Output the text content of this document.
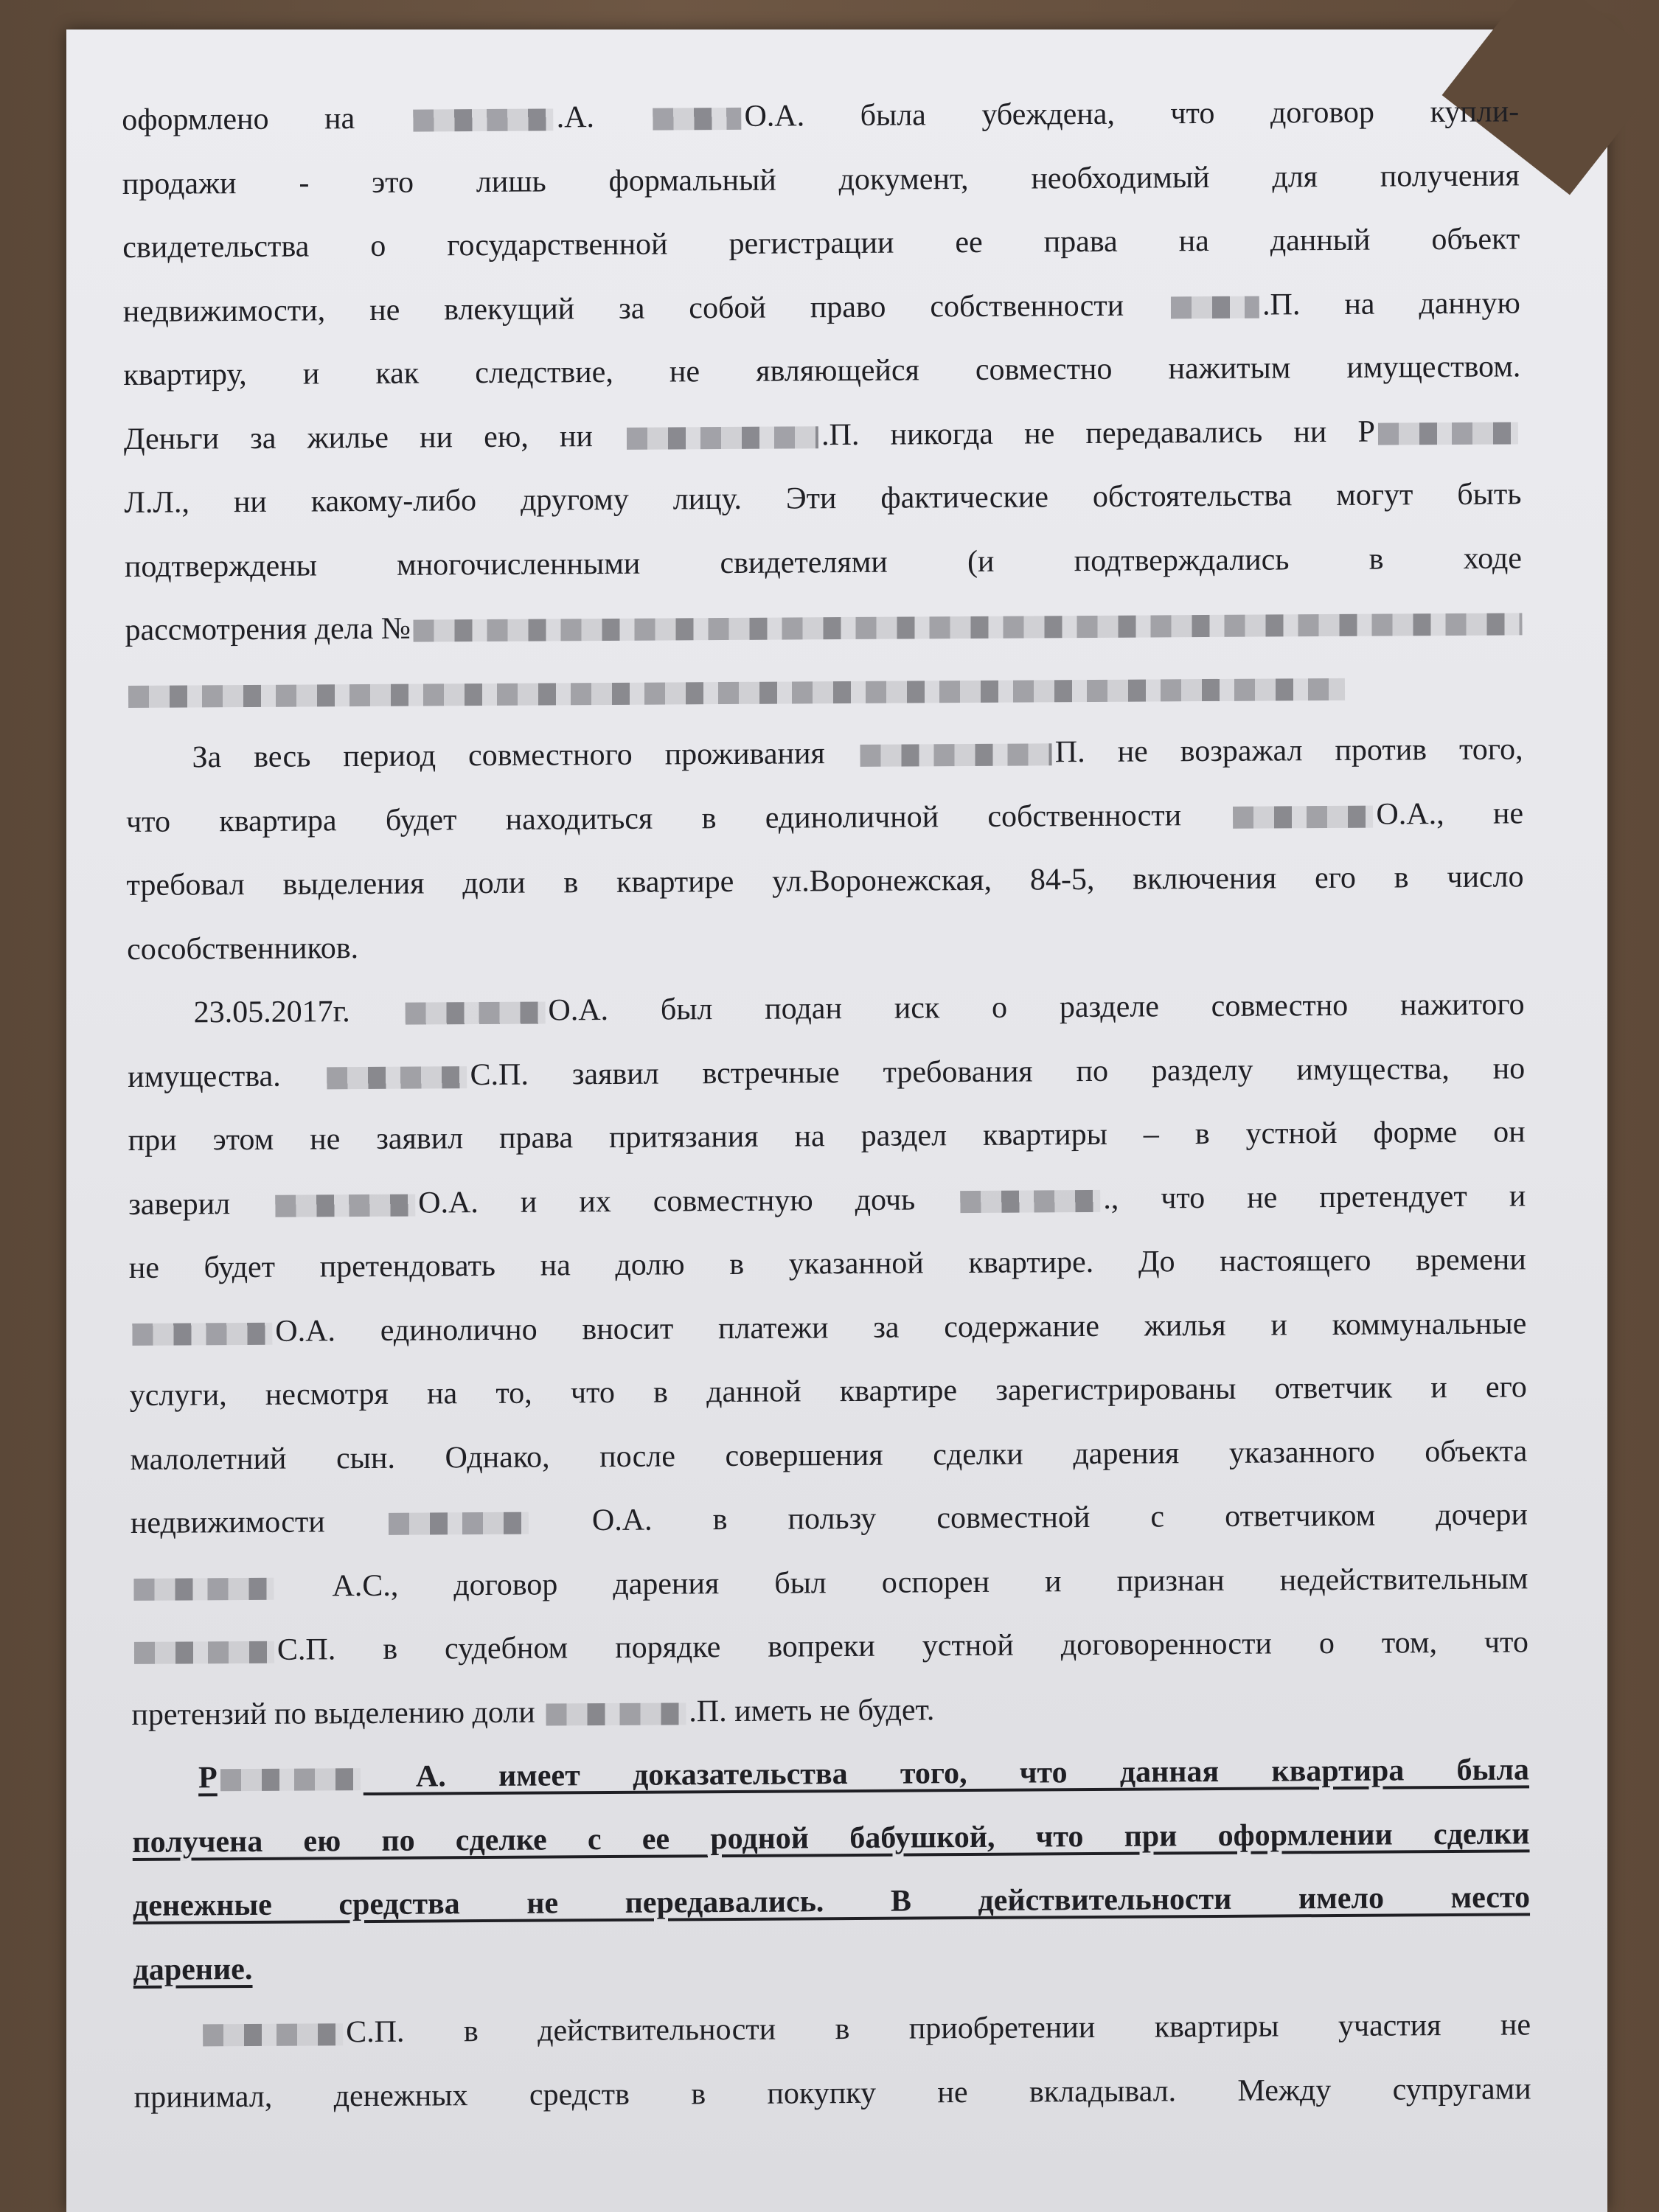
оформлено на	.А.	О.А. была убеждена, что договор купли-
продажи - это лишь формальный документ, необходимый для получения
свидетельства о государственной регистрации ее права на данный объект
недвижимости, не влекущий за собой право собственности	.П. на данную
квартиру, и как следствие, не являющейся совместно нажитым имуществом.
Деньги за жилье ни ею, ни	.П. никогда не передавались ни Р
Л.Л., ни какому-либо другому лицу. Эти фактические обстоятельства могут быть
подтверждены многочисленными свидетелями (и подтверждались в ходе
рассмотрения дела №
За весь период совместного проживания	П. не возражал против того,
что квартира будет находиться в единоличной собственности	О.А., не
требовал выделения доли в квартире ул.Воронежская, 84-5, включения его в число
сособственников.
23.05.2017г.	О.А. был подан иск о разделе совместно нажитого
имущества.	С.П. заявил встречные требования по разделу имущества, но
при этом не заявил права притязания на раздел квартиры – в устной форме он
заверил	О.А. и их совместную дочь	., что не претендует и
не будет претендовать на долю в указанной квартире. До настоящего времени
О.А. единолично вносит платежи за содержание жилья и коммунальные
услуги, несмотря на то, что в данной квартире зарегистрированы ответчик и его
малолетний сын. Однако, после совершения сделки дарения указанного объекта
недвижимости	О.А. в пользу совместной с ответчиком дочери
А.С., договор дарения был оспорен и признан недействительным
С.П. в судебном порядке вопреки устной договоренности о том, что
претензий по выделению доли	.П. иметь не будет.
Р	А. имеет доказательства того, что данная квартира была
получена ею по сделке с ее родной бабушкой, что при оформлении сделки
денежные средства не передавались. В действительности имело место
дарение.
С.П. в действительности в приобретении квартиры участия не
принимал, денежных средств в покупку не вкладывал. Между супругами
